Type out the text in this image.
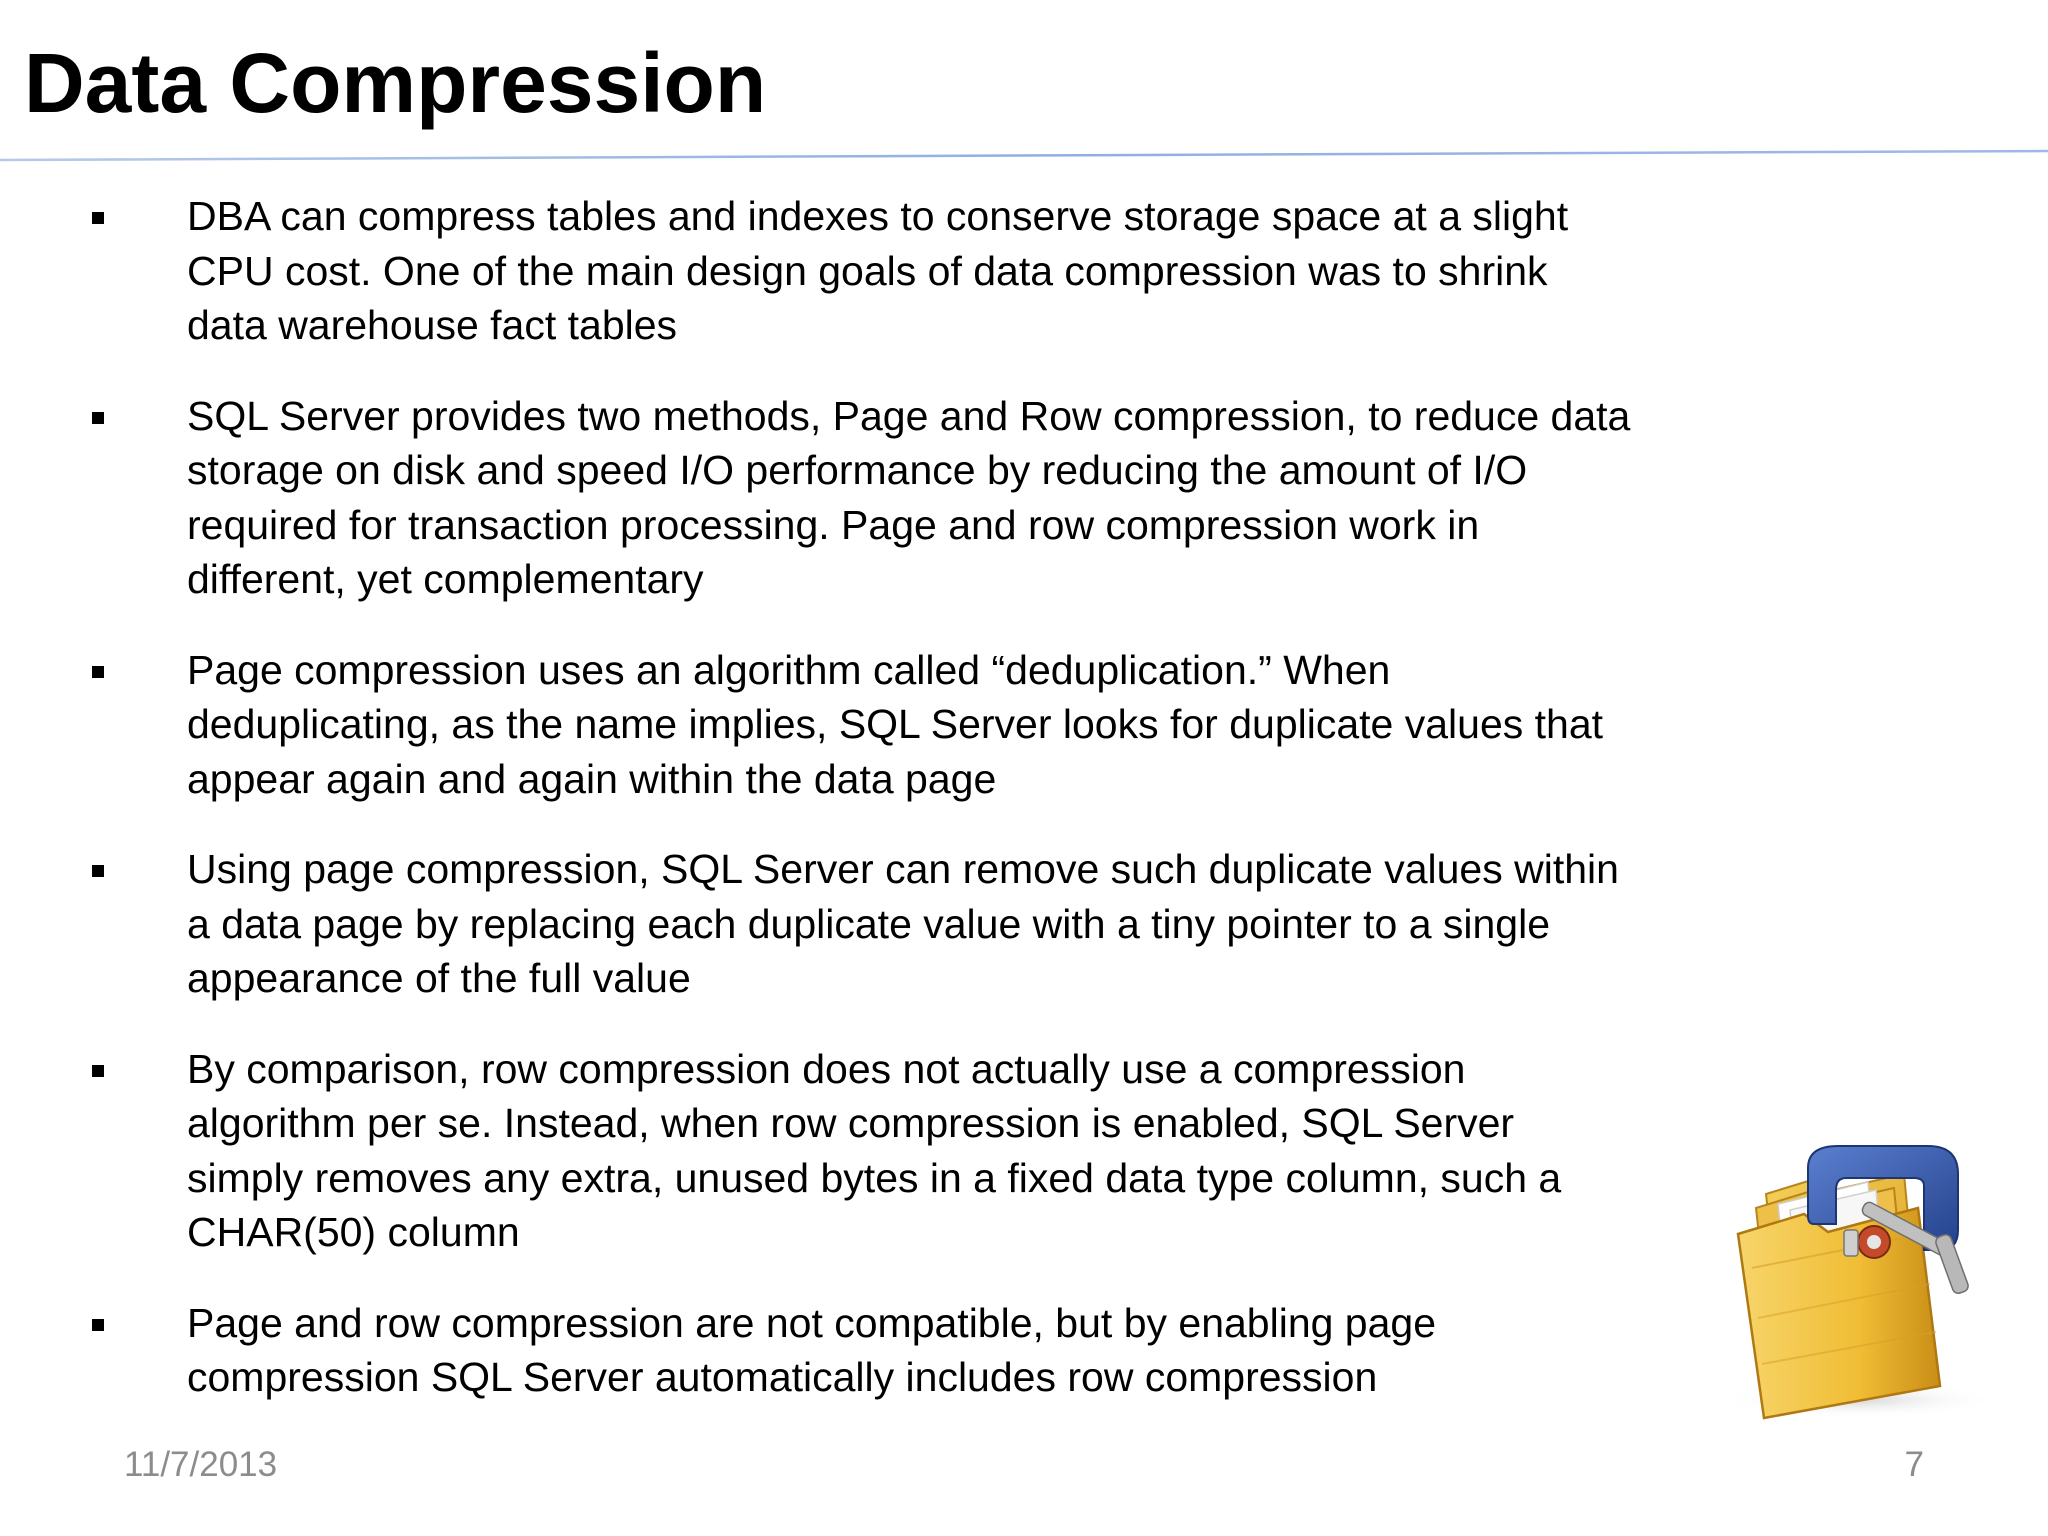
Data Compression
DBA can compress tables and indexes to conserve storage space at a slight
CPU cost. One of the main design goals of data compression was to shrink
data warehouse fact tables
SQL Server provides two methods, Page and Row compression, to reduce data
storage on disk and speed I/O performance by reducing the amount of I/O
required for transaction processing. Page and row compression work in
different, yet complementary
Page compression uses an algorithm called “deduplication.” When
deduplicating, as the name implies, SQL Server looks for duplicate values that
appear again and again within the data page
Using page compression, SQL Server can remove such duplicate values within
a data page by replacing each duplicate value with a tiny pointer to a single
appearance of the full value
By comparison, row compression does not actually use a compression
algorithm per se. Instead, when row compression is enabled, SQL Server
simply removes any extra, unused bytes in a fixed data type column, such a
CHAR(50) column
Page and row compression are not compatible, but by enabling page
compression SQL Server automatically includes row compression
11/7/2013	7
